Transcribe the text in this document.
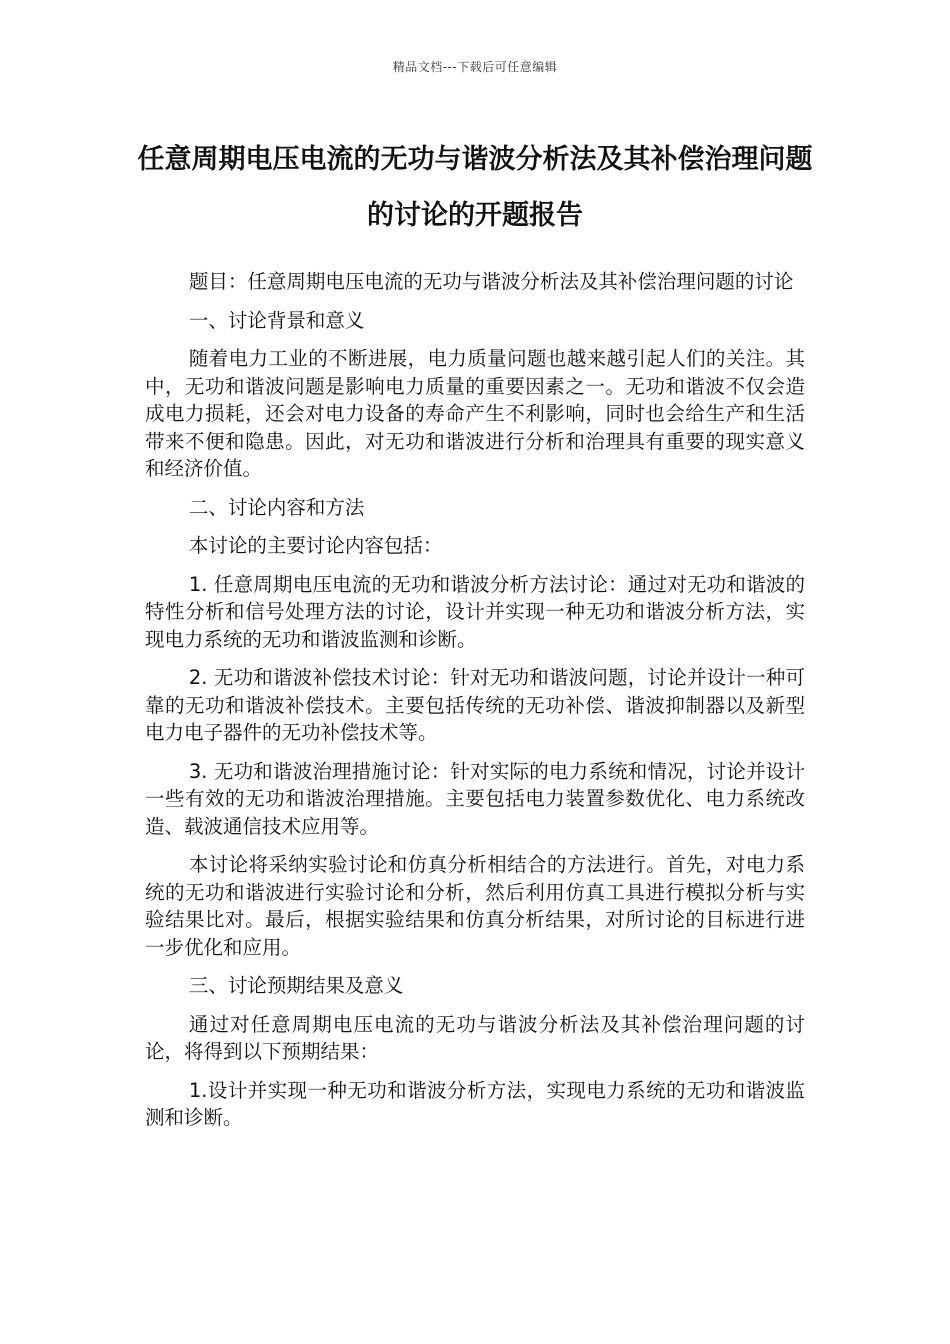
精品文档---下载后可任意编辑
任意周期电压电流的无功与谐波分析法及其补偿治理问题的讨论的开题报告

题目：任意周期电压电流的无功与谐波分析法及其补偿治理问题的讨论

一、讨论背景和意义

随着电力工业的不断进展，电力质量问题也越来越引起人们的关注。其中，无功和谐波问题是影响电力质量的重要因素之一。无功和谐波不仅会造成电力损耗，还会对电力设备的寿命产生不利影响，同时也会给生产和生活带来不便和隐患。因此，对无功和谐波进行分析和治理具有重要的现实意义和经济价值。

二、讨论内容和方法

本讨论的主要讨论内容包括：

1. 任意周期电压电流的无功和谐波分析方法讨论：通过对无功和谐波的特性分析和信号处理方法的讨论，设计并实现一种无功和谐波分析方法，实现电力系统的无功和谐波监测和诊断。

2. 无功和谐波补偿技术讨论：针对无功和谐波问题，讨论并设计一种可靠的无功和谐波补偿技术。主要包括传统的无功补偿、谐波抑制器以及新型电力电子器件的无功补偿技术等。

3. 无功和谐波治理措施讨论：针对实际的电力系统和情况，讨论并设计一些有效的无功和谐波治理措施。主要包括电力装置参数优化、电力系统改造、载波通信技术应用等。

本讨论将采纳实验讨论和仿真分析相结合的方法进行。首先，对电力系统的无功和谐波进行实验讨论和分析，然后利用仿真工具进行模拟分析与实验结果比对。最后，根据实验结果和仿真分析结果，对所讨论的目标进行进一步优化和应用。

三、讨论预期结果及意义

通过对任意周期电压电流的无功与谐波分析法及其补偿治理问题的讨论，将得到以下预期结果：

1.设计并实现一种无功和谐波分析方法，实现电力系统的无功和谐波监测和诊断。
